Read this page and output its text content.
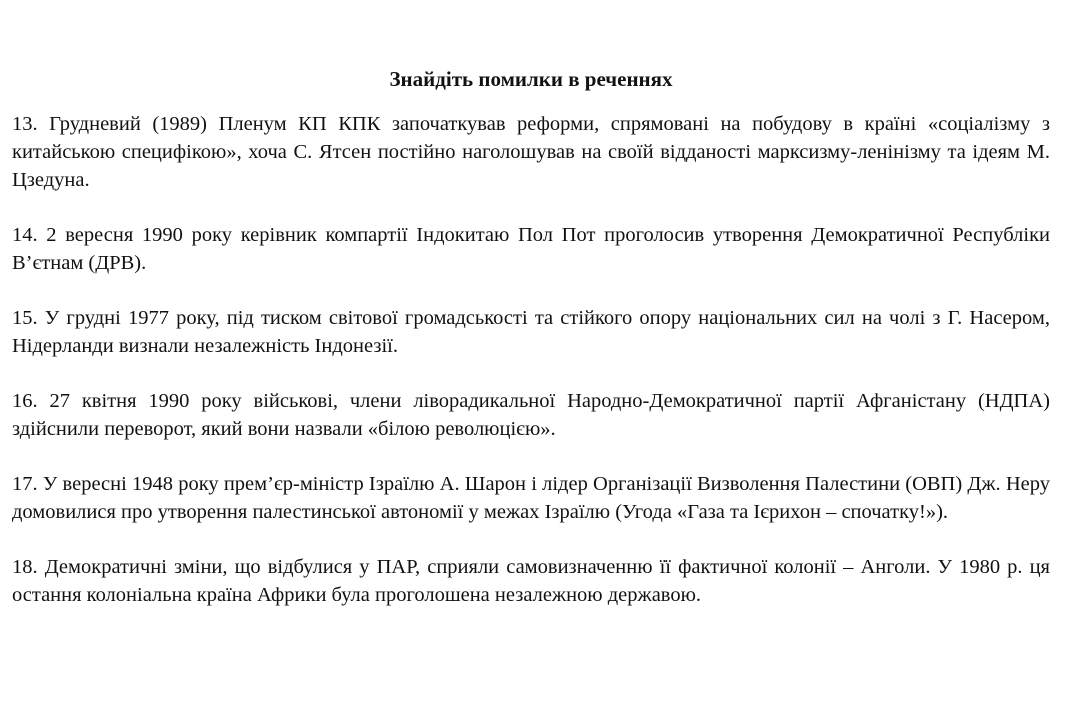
Знайдіть помилки в реченнях

13. Грудневий (1989) Пленум КП КПК започаткував реформи, спрямовані на побудову в країні «соціалізму з китайською специфікою», хоча С. Ятсен постійно наголошував на своїй відданості марксизму-ленінізму та ідеям М. Цзедуна.

14. 2 вересня 1990 року керівник компартії Індокитаю Пол Пот проголосив утворення Демократичної Республіки В’єтнам (ДРВ).

15. У грудні 1977 року, під тиском світової громадськості та стійкого опору національних сил на чолі з Г. Насером, Нідерланди визнали незалежність Індонезії.

16. 27 квітня 1990 року військові, члени ліворадикальної Народно-Демократичної партії Афганістану (НДПА) здійснили переворот, який вони назвали «білою революцією».

17. У вересні 1948 року прем’єр-міністр Ізраїлю А. Шарон і лідер Організації Визволення Палестини (ОВП) Дж. Неру домовилися про утворення палестинської автономії у межах Ізраїлю (Угода «Газа та Ієрихон – спочатку!»).

18. Демократичні зміни, що відбулися у ПАР, сприяли самовизначенню її фактичної колонії – Анголи. У 1980 р. ця остання колоніальна країна Африки була проголошена незалежною державою.
